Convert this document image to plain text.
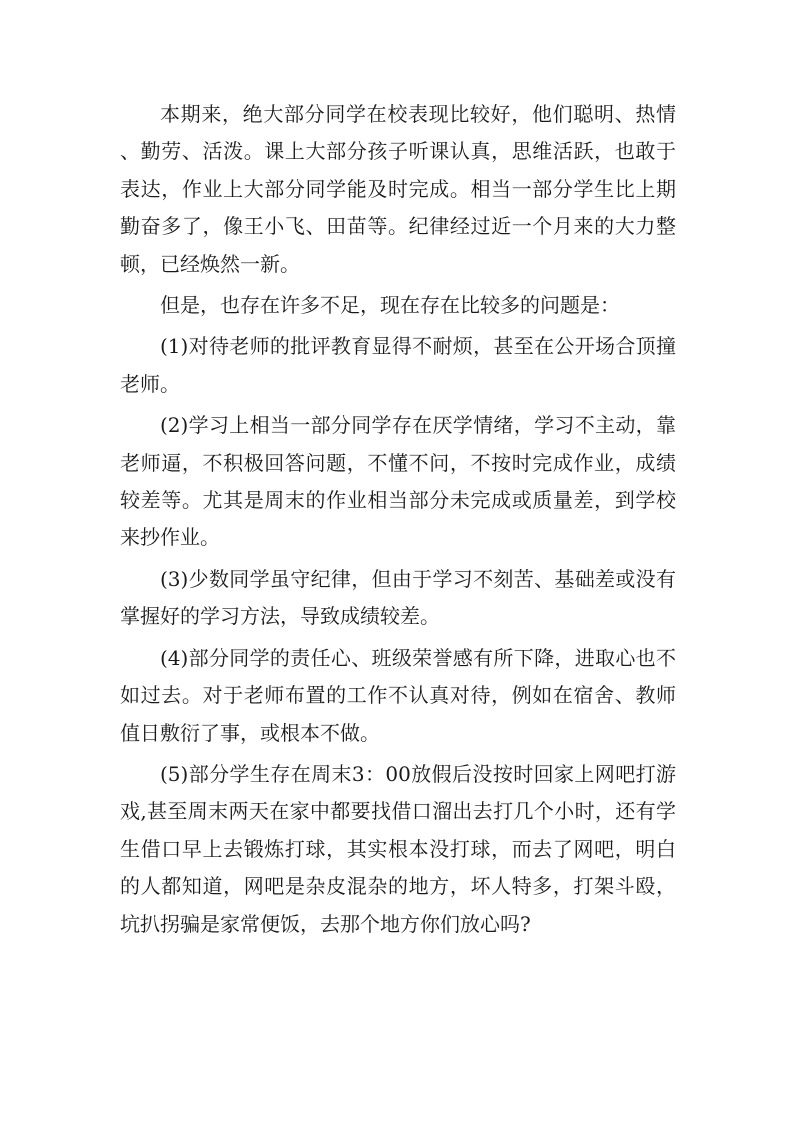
本期来，绝大部分同学在校表现比较好，他们聪明、热情、勤劳、活泼。课上大部分孩子听课认真，思维活跃，也敢于表达，作业上大部分同学能及时完成。相当一部分学生比上期勤奋多了，像王小飞、田苗等。纪律经过近一个月来的大力整顿，已经焕然一新。

但是，也存在许多不足，现在存在比较多的问题是：

(1)对待老师的批评教育显得不耐烦，甚至在公开场合顶撞老师。

(2)学习上相当一部分同学存在厌学情绪，学习不主动，靠老师逼，不积极回答问题，不懂不问，不按时完成作业，成绩较差等。尤其是周末的作业相当部分未完成或质量差，到学校来抄作业。

(3)少数同学虽守纪律，但由于学习不刻苦、基础差或没有掌握好的学习方法，导致成绩较差。

(4)部分同学的责任心、班级荣誉感有所下降，进取心也不如过去。对于老师布置的工作不认真对待，例如在宿舍、教师值日敷衍了事，或根本不做。

(5)部分学生存在周末3：00放假后没按时回家上网吧打游戏,甚至周末两天在家中都要找借口溜出去打几个小时，还有学生借口早上去锻炼打球，其实根本没打球，而去了网吧，明白的人都知道，网吧是杂皮混杂的地方，坏人特多，打架斗殴，坑扒拐骗是家常便饭，去那个地方你们放心吗?
